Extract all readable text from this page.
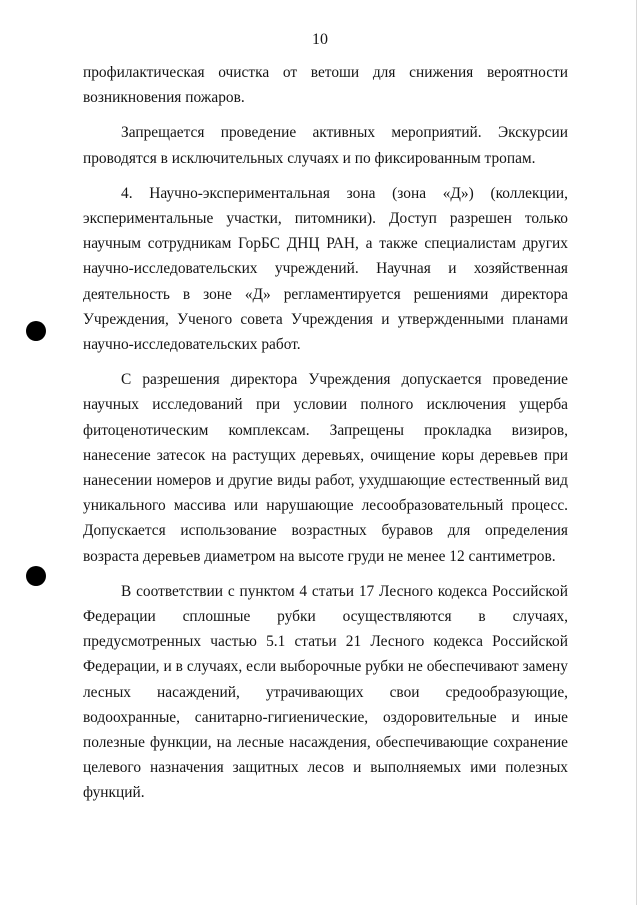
10

профилактическая очистка от ветоши для снижения вероятности возникновения пожаров.

Запрещается проведение активных мероприятий. Экскурсии проводятся в исключительных случаях и по фиксированным тропам.

4. Научно-экспериментальная зона (зона «Д») (коллекции, экспериментальные участки, питомники). Доступ разрешен только научным сотрудникам ГорБС ДНЦ РАН, а также специалистам других научно-исследовательских учреждений. Научная и хозяйственная деятельность в зоне «Д» регламентируется решениями директора Учреждения, Ученого совета Учреждения и утвержденными планами научно-исследовательских работ.

С разрешения директора Учреждения допускается проведение научных исследований при условии полного исключения ущерба фитоценотическим комплексам. Запрещены прокладка визиров, нанесение затесок на растущих деревьях, очищение коры деревьев при нанесении номеров и другие виды работ, ухудшающие естественный вид уникального массива или нарушающие лесообразовательный процесс. Допускается использование возрастных буравов для определения возраста деревьев диаметром на высоте груди не менее 12 сантиметров.

В соответствии с пунктом 4 статьи 17 Лесного кодекса Российской Федерации сплошные рубки осуществляются в случаях, предусмотренных частью 5.1 статьи 21 Лесного кодекса Российской Федерации, и в случаях, если выборочные рубки не обеспечивают замену лесных насаждений, утрачивающих свои средообразующие, водоохранные, санитарно-гигиенические, оздоровительные и иные полезные функции, на лесные насаждения, обеспечивающие сохранение целевого назначения защитных лесов и выполняемых ими полезных функций.
